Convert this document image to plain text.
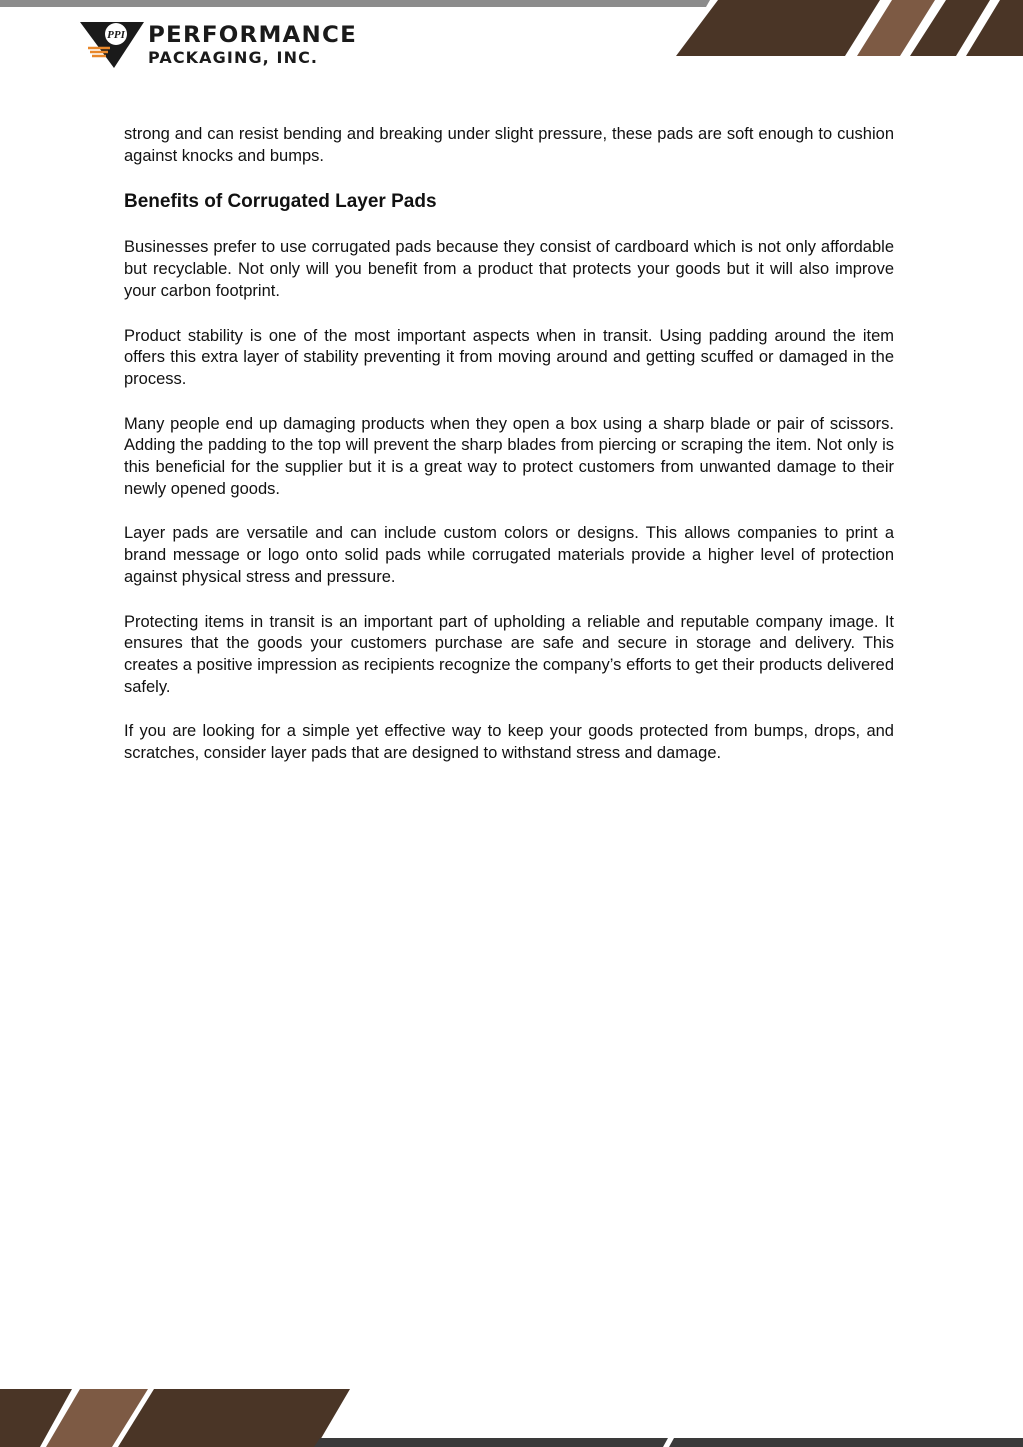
PPI PERFORMANCE
PACKAGING, INC.

strong and can resist bending and breaking under slight pressure, these pads are soft enough to cushion against knocks and bumps.

Benefits of Corrugated Layer Pads

Businesses prefer to use corrugated pads because they consist of cardboard which is not only affordable but recyclable. Not only will you benefit from a product that protects your goods but it will also improve your carbon footprint.

Product stability is one of the most important aspects when in transit. Using padding around the item offers this extra layer of stability preventing it from moving around and getting scuffed or damaged in the process.

Many people end up damaging products when they open a box using a sharp blade or pair of scissors. Adding the padding to the top will prevent the sharp blades from piercing or scraping the item. Not only is this beneficial for the supplier but it is a great way to protect customers from unwanted damage to their newly opened goods.

Layer pads are versatile and can include custom colors or designs. This allows companies to print a brand message or logo onto solid pads while corrugated materials provide a higher level of protection against physical stress and pressure.

Protecting items in transit is an important part of upholding a reliable and reputable company image. It ensures that the goods your customers purchase are safe and secure in storage and delivery. This creates a positive impression as recipients recognize the company’s efforts to get their products delivered safely.

If you are looking for a simple yet effective way to keep your goods protected from bumps, drops, and scratches, consider layer pads that are designed to withstand stress and damage.
